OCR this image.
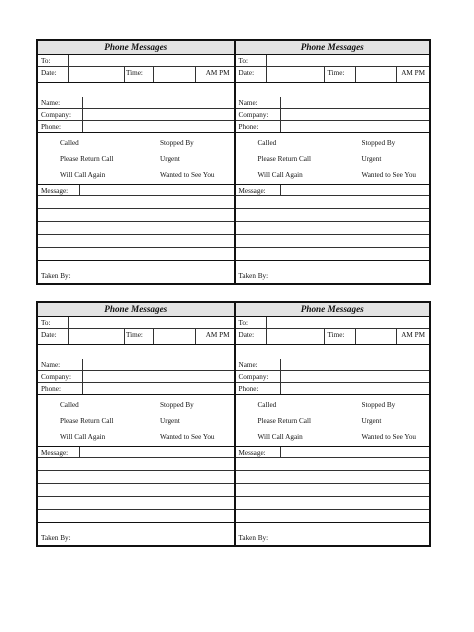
Phone Messages
To:
Date:	Time:	AM PM
Name:
Company:
Phone:
Called	Stopped By
Please Return Call	Urgent
Will Call Again	Wanted to See You
Message:
Taken By:
Phone Messages
To:
Date:	Time:	AM PM
Name:
Company:
Phone:
Called	Stopped By
Please Return Call	Urgent
Will Call Again	Wanted to See You
Message:
Taken By:
Phone Messages
To:
Date:	Time:	AM PM
Name:
Company:
Phone:
Called	Stopped By
Please Return Call	Urgent
Will Call Again	Wanted to See You
Message:
Taken By:
Phone Messages
To:
Date:	Time:	AM PM
Name:
Company:
Phone:
Called	Stopped By
Please Return Call	Urgent
Will Call Again	Wanted to See You
Message:
Taken By:
